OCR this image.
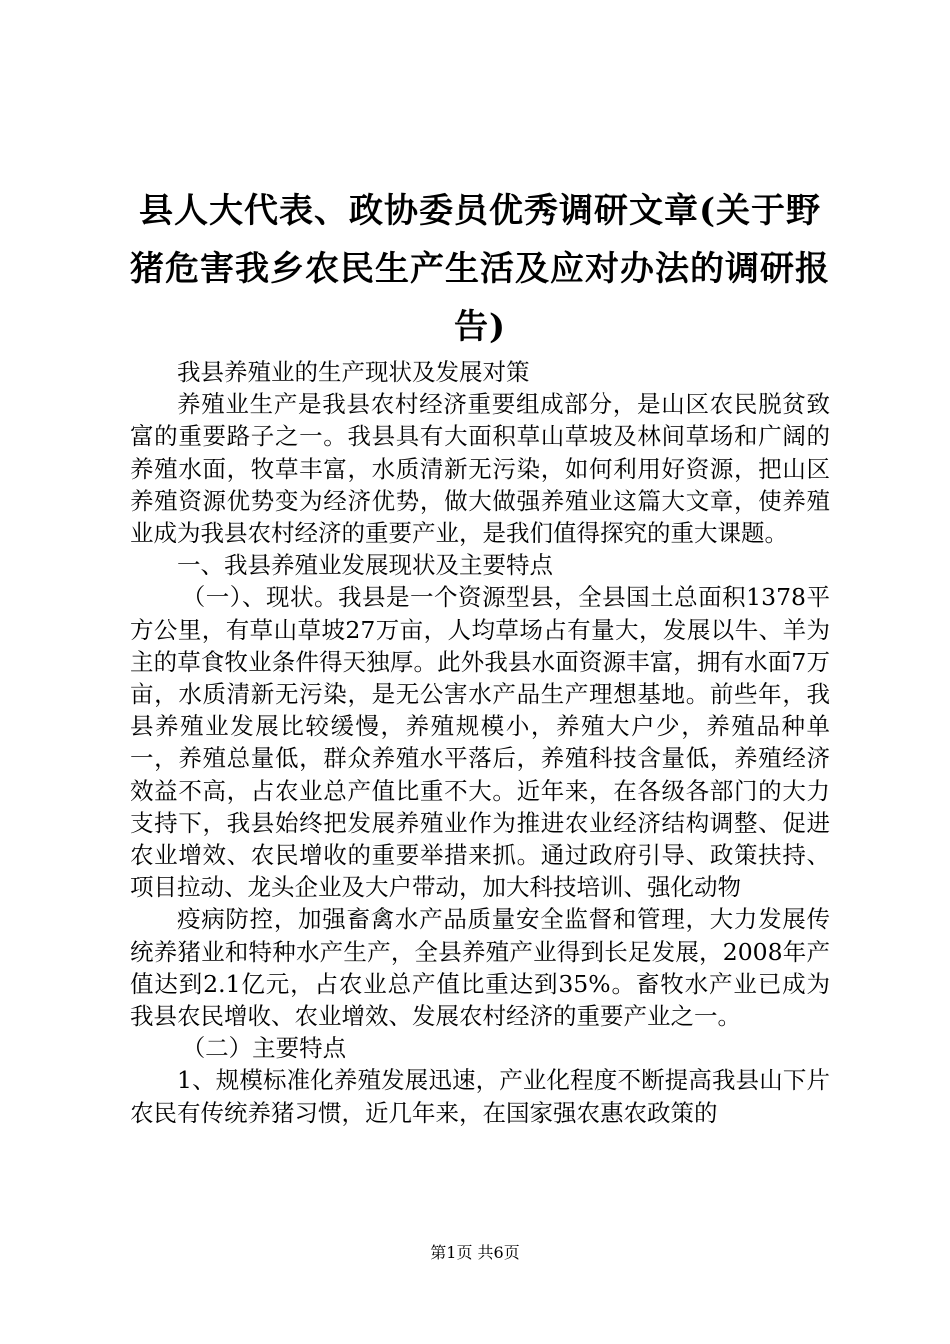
县人大代表、政协委员优秀调研文章(关于野猪危害我乡农民生产生活及应对办法的调研报告)

我县养殖业的生产现状及发展对策

养殖业生产是我县农村经济重要组成部分，是山区农民脱贫致富的重要路子之一。我县具有大面积草山草坡及林间草场和广阔的养殖水面，牧草丰富，水质清新无污染，如何利用好资源，把山区养殖资源优势变为经济优势，做大做强养殖业这篇大文章，使养殖业成为我县农村经济的重要产业，是我们值得探究的重大课题。

一、我县养殖业发展现状及主要特点

（一）、现状。我县是一个资源型县，全县国土总面积1378平方公里，有草山草坡27万亩，人均草场占有量大，发展以牛、羊为主的草食牧业条件得天独厚。此外我县水面资源丰富，拥有水面7万亩，水质清新无污染，是无公害水产品生产理想基地。前些年，我县养殖业发展比较缓慢，养殖规模小，养殖大户少，养殖品种单一，养殖总量低，群众养殖水平落后，养殖科技含量低，养殖经济效益不高，占农业总产值比重不大。近年来，在各级各部门的大力支持下，我县始终把发展养殖业作为推进农业经济结构调整、促进农业增效、农民增收的重要举措来抓。通过政府引导、政策扶持、项目拉动、龙头企业及大户带动，加大科技培训、强化动物

疫病防控，加强畜禽水产品质量安全监督和管理，大力发展传统养猪业和特种水产生产，全县养殖产业得到长足发展，2008年产值达到2.1亿元，占农业总产值比重达到35%。畜牧水产业已成为我县农民增收、农业增效、发展农村经济的重要产业之一。

（二）主要特点

1、规模标准化养殖发展迅速，产业化程度不断提高我县山下片农民有传统养猪习惯，近几年来，在国家强农惠农政策的

第1页 共6页
